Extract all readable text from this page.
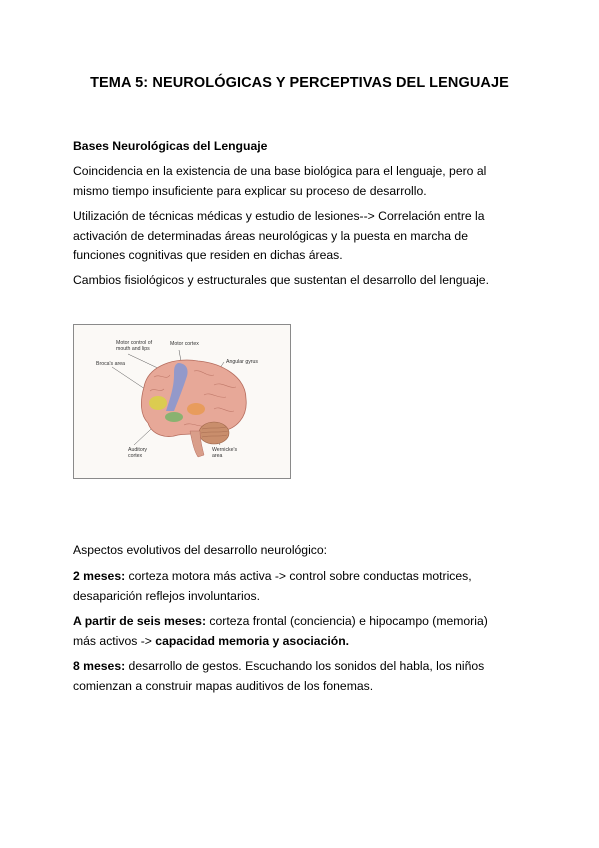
TEMA 5: NEUROLÓGICAS Y PERCEPTIVAS DEL LENGUAJE
Bases Neurológicas del Lenguaje
Coincidencia en la existencia de una base biológica para el lenguaje, pero al
mismo tiempo insuficiente para explicar su proceso de desarrollo.
Utilización de técnicas médicas y estudio de lesiones--> Correlación entre la
activación de determinadas áreas neurológicas y la puesta en marcha de
funciones cognitivas que residen en dichas áreas.
Cambios fisiológicos y estructurales que sustentan el desarrollo del lenguaje.
Motor control of
mouth and lips
Motor cortex
Broca's area	Angular gyrus
Auditory
cortex
Wernicke's
area
Aspectos evolutivos del desarrollo neurológico:
2 meses: corteza motora más activa -> control sobre conductas motrices,
desaparición reflejos involuntarios.
A partir de seis meses: corteza frontal (conciencia) e hipocampo (memoria)
más activos -> capacidad memoria y asociación.
8 meses: desarrollo de gestos. Escuchando los sonidos del habla, los niños
comienzan a construir mapas auditivos de los fonemas.
